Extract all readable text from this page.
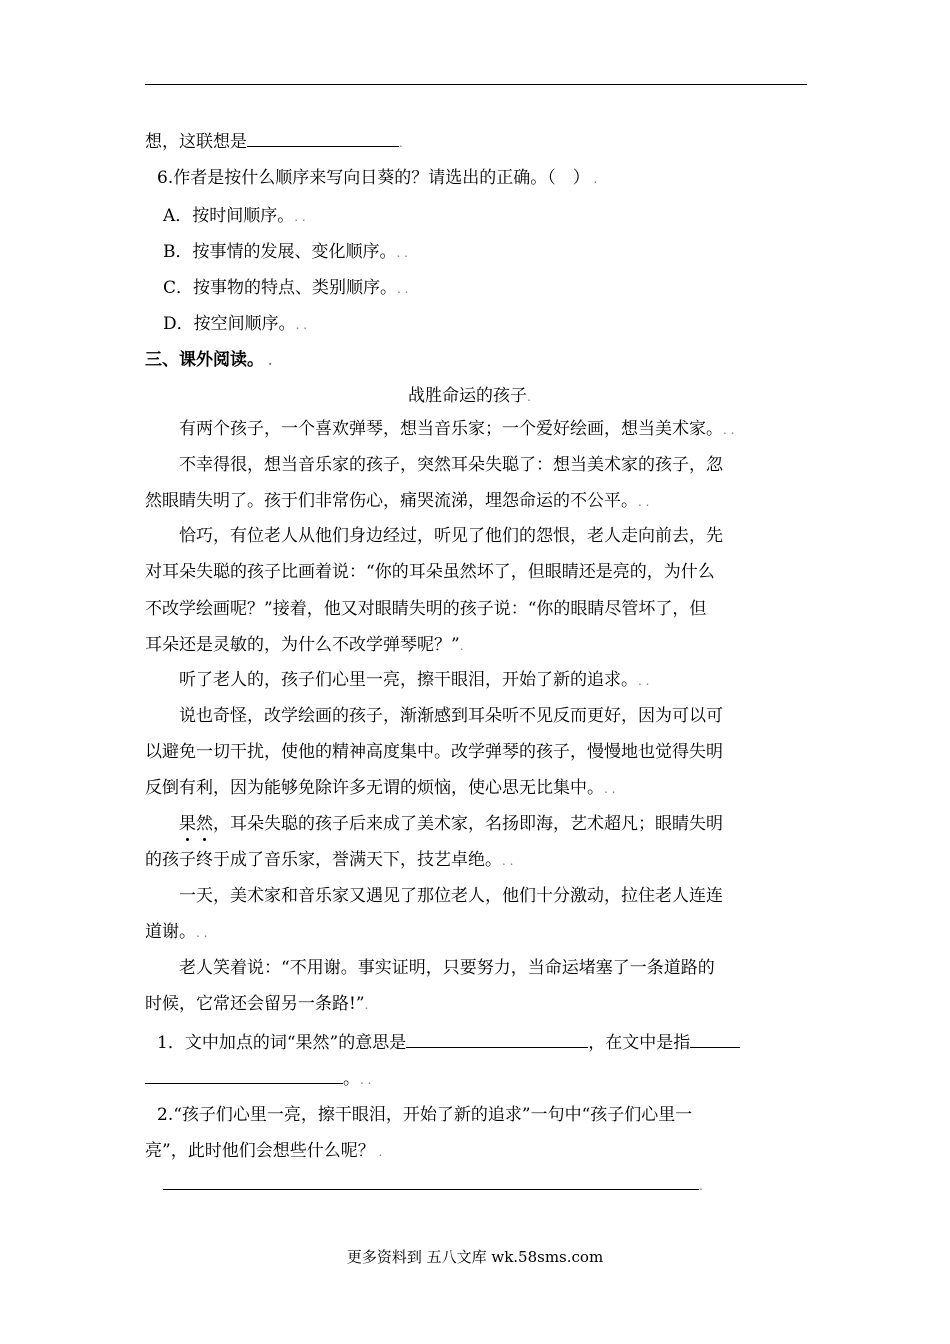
想，这联想是	.
6.作者是按什么顺序来写向日葵的？请选出的正确。（　） .
A．按时间顺序。. .
B．按事情的发展、变化顺序。. .
C．按事物的特点、类别顺序。. .
D．按空间顺序。. .
三、课外阅读。 .
战胜命运的孩子.
有两个孩子，一个喜欢弹琴，想当音乐家；一个爱好绘画，想当美术家。. .
不幸得很，想当音乐家的孩子，突然耳朵失聪了：想当美术家的孩子，忽
然眼睛失明了。孩于们非常伤心，痛哭流涕，埋怨命运的不公平。. .
恰巧，有位老人从他们身边经过，听见了他们的怨恨，老人走向前去，先
对耳朵失聪的孩子比画着说：“你的耳朵虽然坏了，但眼睛还是亮的，为什么
不改学绘画呢？”接着，他又对眼睛失明的孩子说：“你的眼睛尽管坏了，但
耳朵还是灵敏的，为什么不改学弹琴呢？”.
听了老人的，孩子们心里一亮，擦干眼泪，开始了新的追求。. .
说也奇怪，改学绘画的孩子，渐渐感到耳朵听不见反而更好，因为可以可
以避免一切干扰，使他的精神高度集中。改学弹琴的孩子，慢慢地也觉得失明
反倒有利，因为能够免除许多无谓的烦恼，使心思无比集中。. .
果然，耳朵失聪的孩子后来成了美术家，名扬即海，艺术超凡；眼睛失明
的孩子终于成了音乐家，誉满天下，技艺卓绝。. .
一天，美术家和音乐家又遇见了那位老人，他们十分激动，拉住老人连连
道谢。. .
老人笑着说：“不用谢。事实证明，只要努力，当命运堵塞了一条道路的
时候，它常还会留另一条路!”.
1．文中加点的词“果然”的意思是	，在文中是指
。. .
2.“孩子们心里一亮，擦干眼泪，开始了新的追求”一句中“孩子们心里一
亮”，此时他们会想些什么呢？ .
.
更多资料到 五八文库 wk.58sms.com
